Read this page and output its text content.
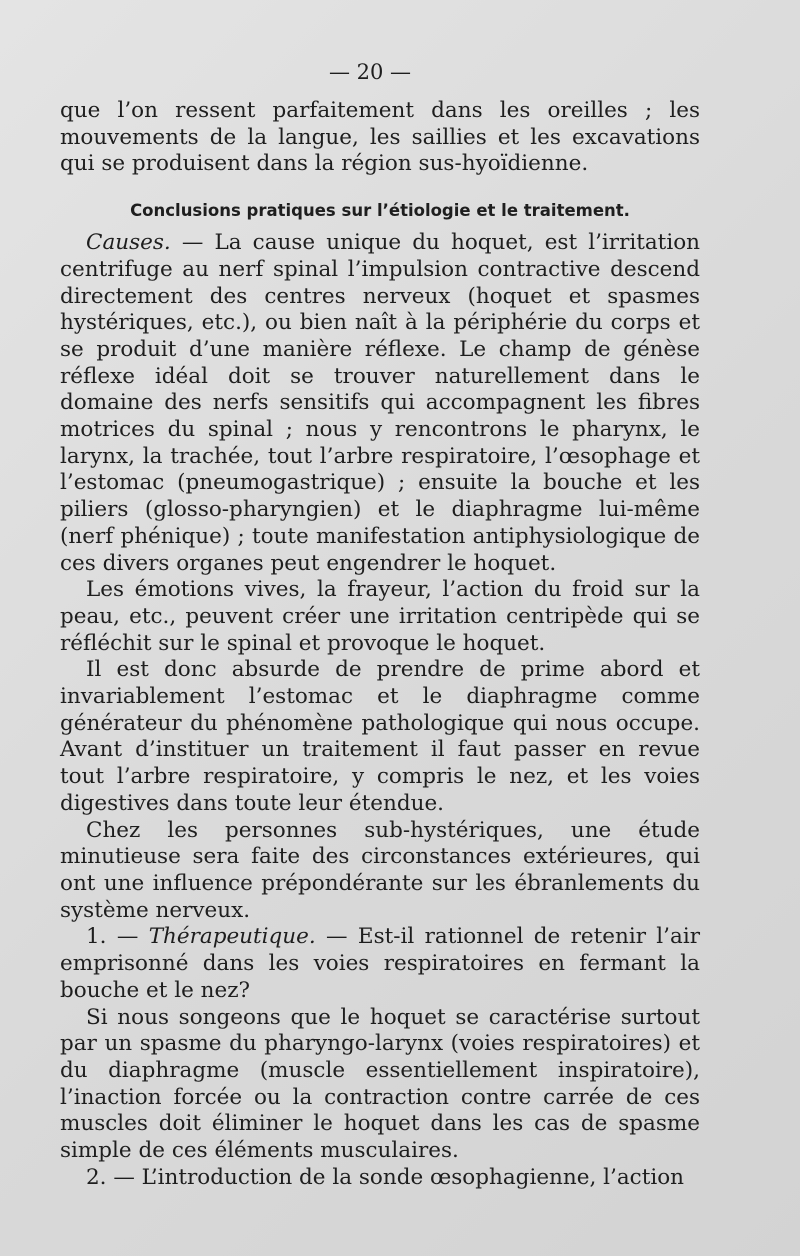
— 20 —

que l’on ressent parfaitement dans les oreilles ; les mouvements de la langue, les saillies et les excavations qui se produisent dans la région sus-hyoïdienne.

Conclusions pratiques sur l’étiologie et le traitement.

Causes. — La cause unique du hoquet, est l’irritation centrifuge au nerf spinal l’impulsion contractive descend directement des centres nerveux (hoquet et spasmes hystériques, etc.), ou bien naît à la périphérie du corps et se produit d’une manière réflexe. Le champ de génèse réflexe idéal doit se trouver naturellement dans le domaine des nerfs sensitifs qui accompagnent les fibres motrices du spinal ; nous y rencontrons le pharynx, le larynx, la trachée, tout l’arbre respiratoire, l’œsophage et l’estomac (pneumogastrique) ; ensuite la bouche et les piliers (glosso-pharyngien) et le diaphragme lui-même (nerf phénique) ; toute manifestation antiphysiologique de ces divers organes peut engendrer le hoquet.

Les émotions vives, la frayeur, l’action du froid sur la peau, etc., peuvent créer une irritation centripède qui se réfléchit sur le spinal et provoque le hoquet.

Il est donc absurde de prendre de prime abord et invariablement l’estomac et le diaphragme comme générateur du phénomène pathologique qui nous occupe. Avant d’instituer un traitement il faut passer en revue tout l’arbre respiratoire, y compris le nez, et les voies digestives dans toute leur étendue.

Chez les personnes sub-hystériques, une étude minutieuse sera faite des circonstances extérieures, qui ont une influence prépondérante sur les ébranlements du système nerveux.

1. — Thérapeutique. — Est-il rationnel de retenir l’air emprisonné dans les voies respiratoires en fermant la bouche et le nez?

Si nous songeons que le hoquet se caractérise surtout par un spasme du pharyngo-larynx (voies respiratoires) et du diaphragme (muscle essentiellement inspiratoire), l’inaction forcée ou la contraction contre carrée de ces muscles doit éliminer le hoquet dans les cas de spasme simple de ces éléments musculaires.

2. — L’introduction de la sonde œsophagienne, l’action
